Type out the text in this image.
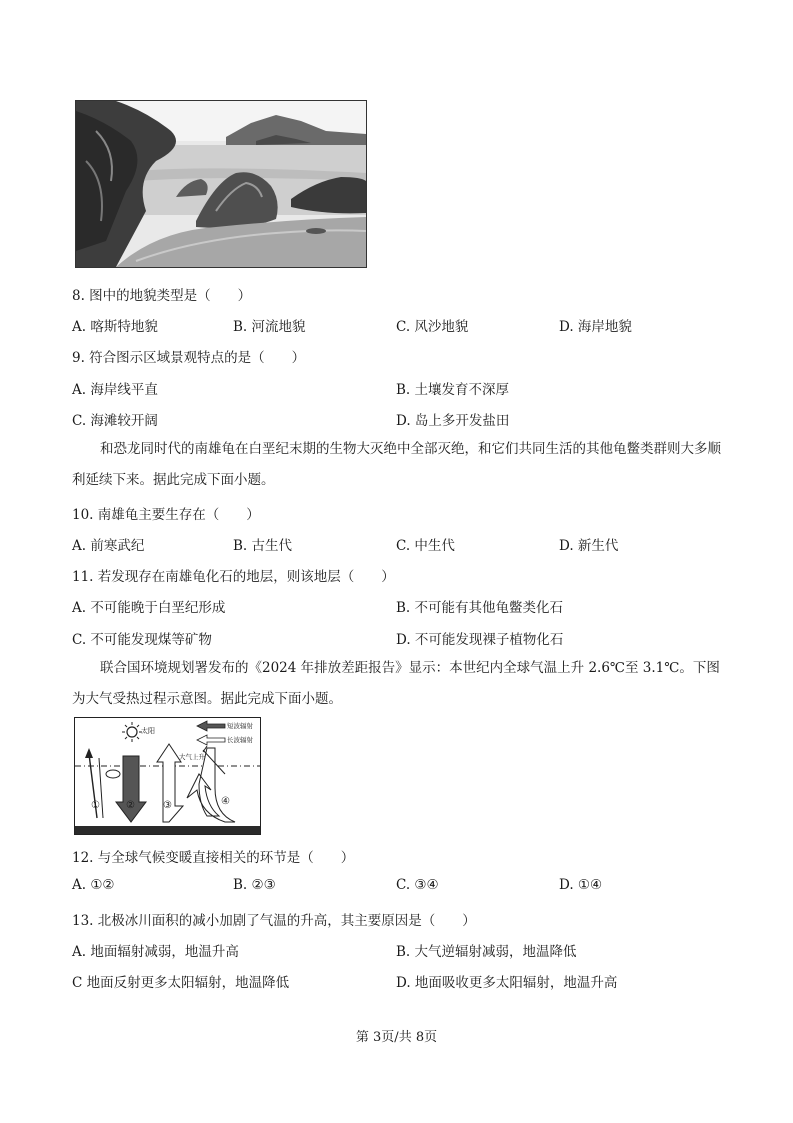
8. 图中的地貌类型是（　　）
A. 喀斯特地貌	B. 河流地貌	C. 风沙地貌	D. 海岸地貌
9. 符合图示区域景观特点的是（　　）
A. 海岸线平直	B. 土壤发育不深厚
C. 海滩较开阔	D. 岛上多开发盐田
和恐龙同时代的南雄龟在白垩纪末期的生物大灭绝中全部灭绝，和它们共同生活的其他龟鳖类群则大多顺利延续下来。据此完成下面小题。
10. 南雄龟主要生存在（　　）
A. 前寒武纪	B. 古生代	C. 中生代	D. 新生代
11. 若发现存在南雄龟化石的地层，则该地层（　　）
A. 不可能晚于白垩纪形成	B. 不可能有其他龟鳖类化石
C. 不可能发现煤等矿物	D. 不可能发现裸子植物化石
联合国环境规划署发布的《2024 年排放差距报告》显示：本世纪内全球气温上升 2.6℃至 3.1℃。下图为大气受热过程示意图。据此完成下面小题。
太阳
短波辐射
长波辐射
大气上升
①	②	③	④
12. 与全球气候变暖直接相关的环节是（　　）
A. ①②	B. ②③	C. ③④	D. ①④
13. 北极冰川面积的减小加剧了气温的升高，其主要原因是（　　）
A. 地面辐射减弱，地温升高	B. 大气逆辐射减弱，地温降低
C 地面反射更多太阳辐射，地温降低	D. 地面吸收更多太阳辐射，地温升高
第 3页/共 8页
